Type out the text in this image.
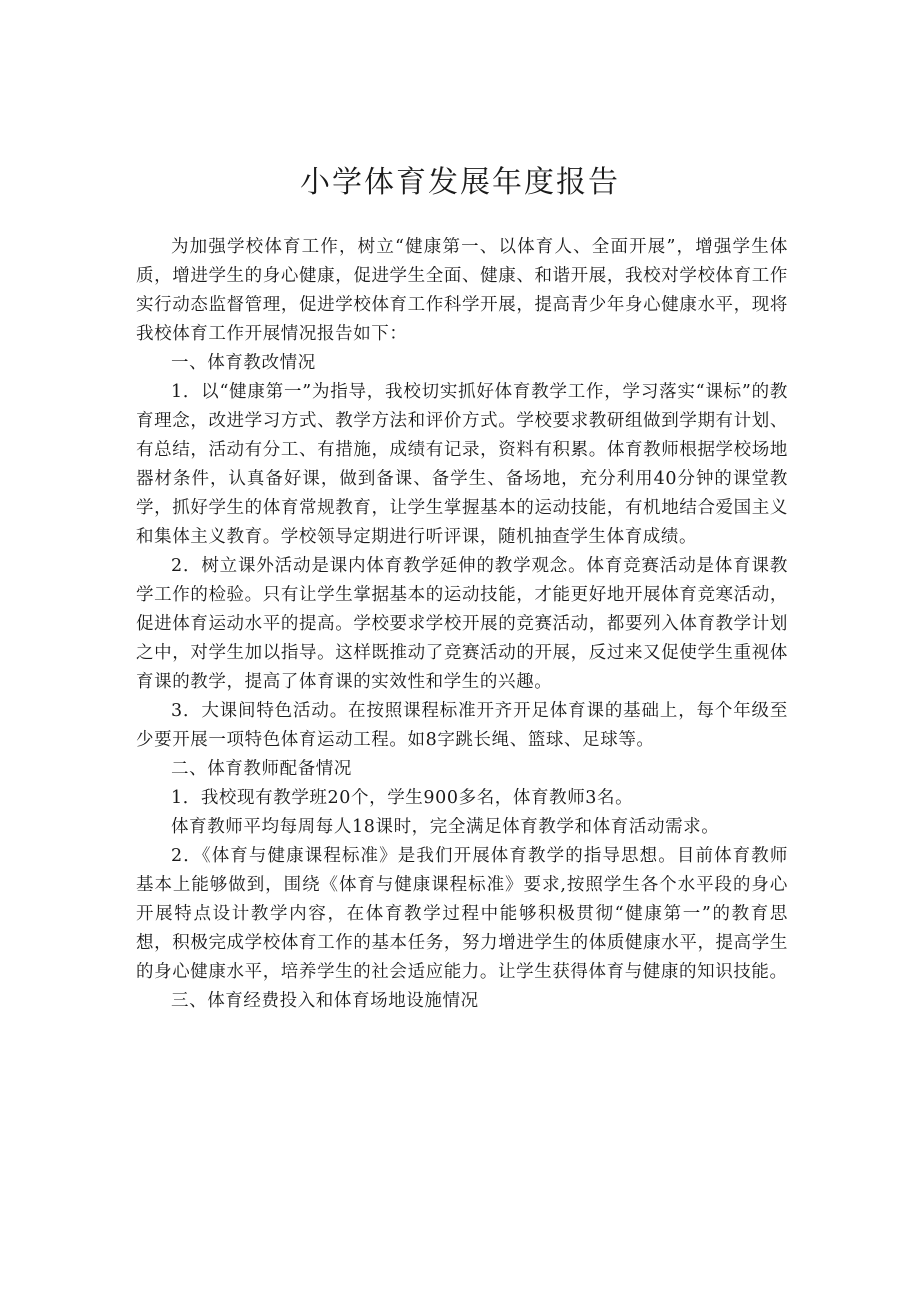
小学体育发展年度报告

为加强学校体育工作，树立“健康第一、以体育人、全面开展”，增强学生体质，增进学生的身心健康，促进学生全面、健康、和谐开展，我校对学校体育工作实行动态监督管理，促进学校体育工作科学开展，提高青少年身心健康水平，现将我校体育工作开展情况报告如下：

一、体育教改情况

1．以“健康第一”为指导，我校切实抓好体育教学工作，学习落实“课标”的教育理念，改进学习方式、教学方法和评价方式。学校要求教研组做到学期有计划、有总结，活动有分工、有措施，成绩有记录，资料有积累。体育教师根据学校场地器材条件，认真备好课，做到备课、备学生、备场地，充分利用40分钟的课堂教学，抓好学生的体育常规教育，让学生掌握基本的运动技能，有机地结合爱国主义和集体主义教育。学校领导定期进行听评课，随机抽查学生体育成绩。

2．树立课外活动是课内体育教学延伸的教学观念。体育竞赛活动是体育课教学工作的检验。只有让学生掌据基本的运动技能，才能更好地开展体育竞寒活动，促进体育运动水平的提高。学校要求学校开展的竞赛活动，都要列入体育教学计划之中，对学生加以指导。这样既推动了竞赛活动的开展，反过来又促使学生重视体育课的教学，提高了体育课的实效性和学生的兴趣。

3．大课间特色活动。在按照课程标准开齐开足体育课的基础上，每个年级至少要开展一项特色体育运动工程。如8字跳长绳、篮球、足球等。

二、体育教师配备情况

1．我校现有教学班20个，学生900多名，体育教师3名。

体育教师平均每周每人18课时，完全满足体育教学和体育活动需求。

2．《体育与健康课程标准》是我们开展体育教学的指导思想。目前体育教师基本上能够做到，围绕《体育与健康课程标准》要求,按照学生各个水平段的身心开展特点设计教学内容，在体育教学过程中能够积极贯彻“健康第一”的教育思想，积极完成学校体育工作的基本任务，努力增进学生的体质健康水平，提高学生的身心健康水平，培养学生的社会适应能力。让学生获得体育与健康的知识技能。

三、体育经费投入和体育场地设施情况
